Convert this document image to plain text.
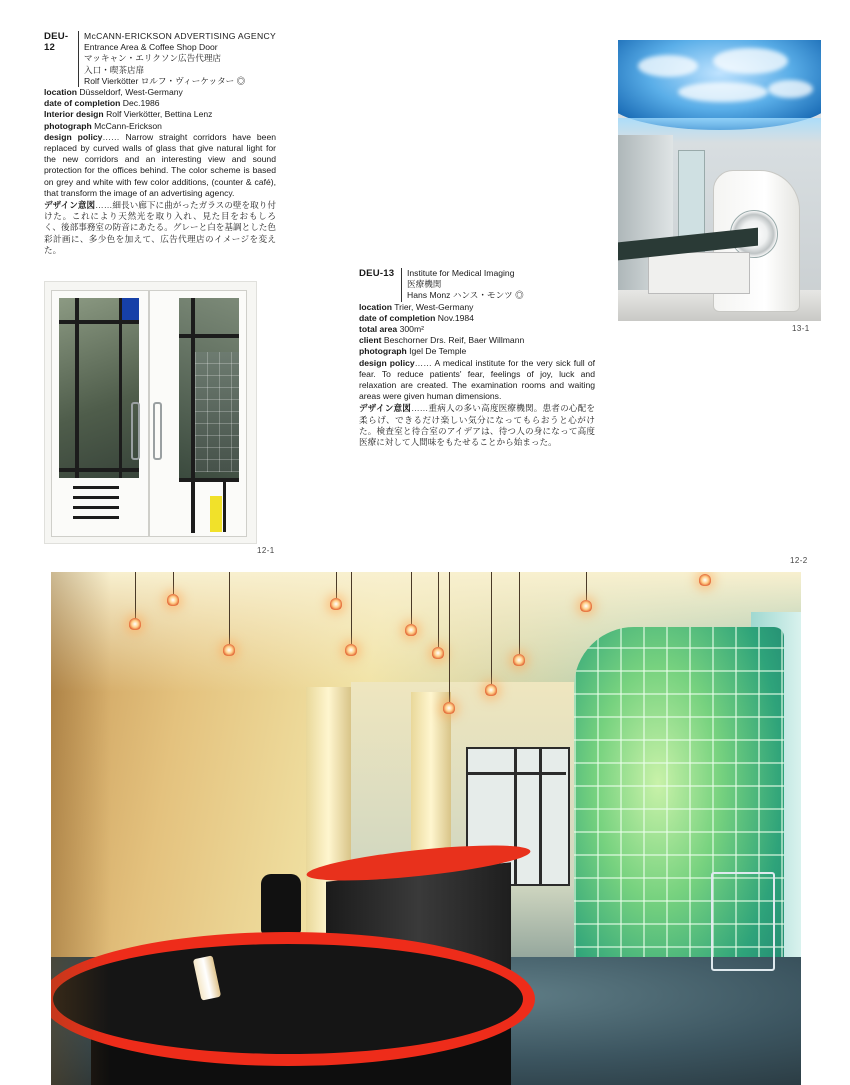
DEU-12
McCANN-ERICKSON ADVERTISING AGENCY
Entrance Area & Coffee Shop Door
マッキャン・エリクソン広告代理店
入口・喫茶店扉
Rolf Vierkötter ロルフ・ヴィーケッター ◎
location Düsseldorf, West-Germany
date of completion Dec.1986
Interior design Rolf Vierkötter, Bettina Lenz
photograph McCann-Erickson
design policy…… Narrow straight corridors have been replaced by curved walls of glass that give natural light for the new corridors and an interesting view and sound protection for the offices behind. The color scheme is based on grey and white with few color additions, (counter & café), that transform the image of an advertising agency.
デザイン意図……細長い廊下に曲がったガラスの壁を取り付けた。これにより天然光を取り入れ、見た目をおもしろく、後部事務室の防音にあたる。グレーと白を基調とした色彩計画に、多少色を加えて、広告代理店のイメージを変えた。
13-1
DEU-13	Institute for Medical Imaging
医療機関
Hans Monz ハンス・モンツ ◎
location Trier, West-Germany
date of completion Nov.1984
total area 300m²
client Beschorner Drs. Reif, Baer Willmann
photograph Igel De Temple
design policy…… A medical institute for the very sick full of fear. To reduce patients' fear, feelings of joy, luck and relaxation are created. The examination rooms and waiting areas were given human dimensions.
デザイン意図……重病人の多い高度医療機関。患者の心配を柔らげ、できるだけ楽しい気分になってもらおうと心がけた。検査室と待合室のアイデアは、待つ人の身になって高度医療に対して人間味をもたせることから始まった。
12-1
12-2
